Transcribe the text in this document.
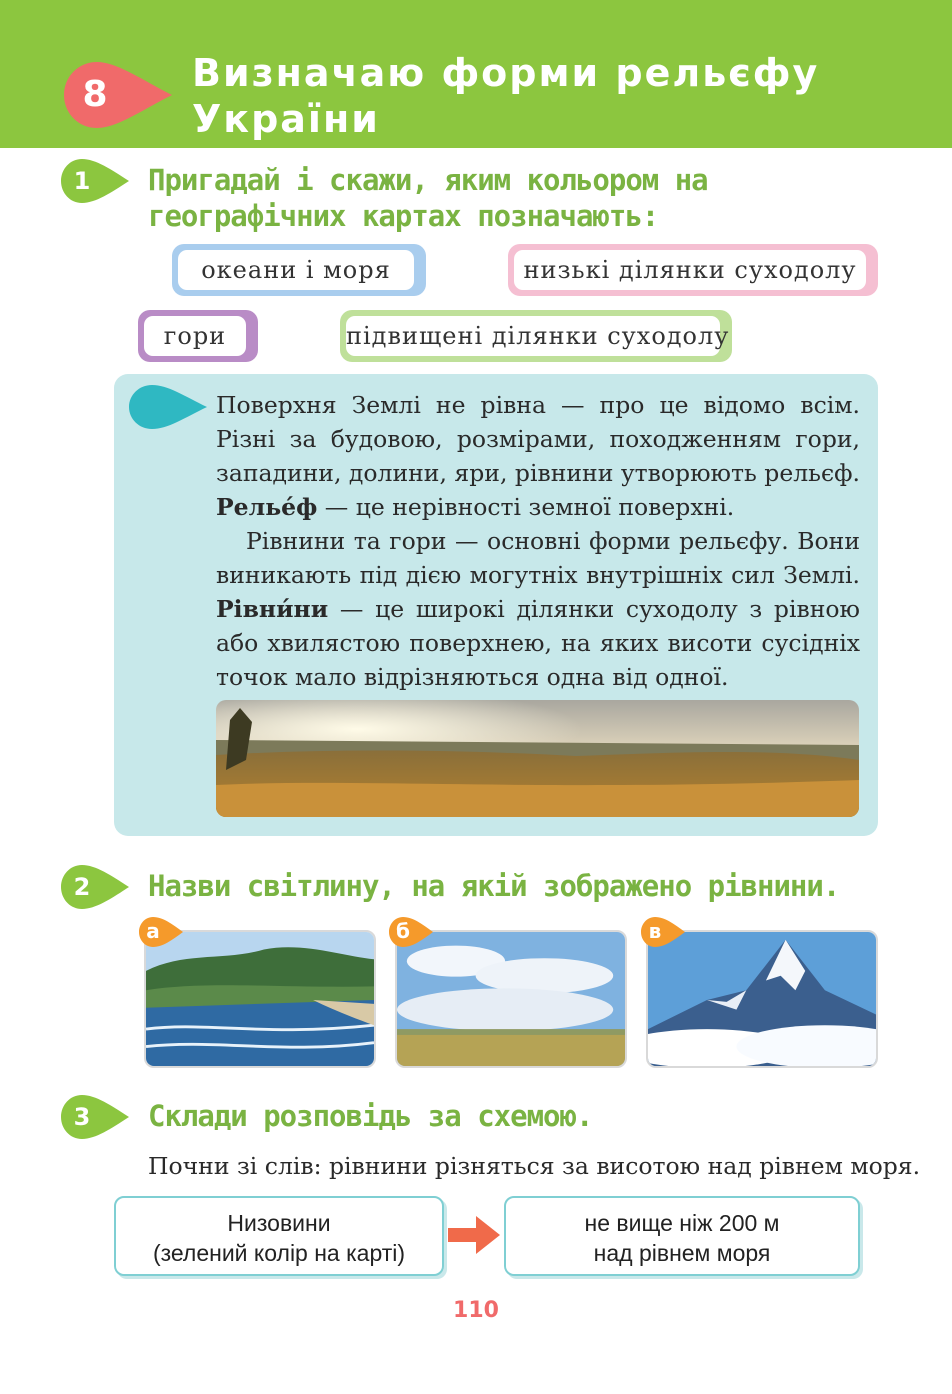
8	Визначаю форми рельєфу
України
1	Пригадай і скажи, яким кольором на
географічних картах позначають:
океани і моря	низькі ділянки суходолу
гори	підвищені ділянки суходолу

Поверхня Землі не рівна — про це відомо всім. Різні за будовою, розмірами, походженням гори, западини, долини, яри, рівнини утворюють рельєф. Релье́ф — це нерівності земної поверхні.

Рівнини та гори — основні форми рельєфу. Вони виникають під дією могутніх внутрішніх сил Землі. Рівни́ни — це широкі ділянки суходолу з рівною або хвилястою поверхнею, на яких висоти сусідніх точок мало відрізняються одна від одної.

2	Назви світлину, на якій зображено рівнини.
а	б	в
3	Склади розповідь за схемою.
Почни зі слів: рівнини різняться за висотою над рівнем моря.
Низовини
(зелений колір на карті)
не вище ніж 200 м
над рівнем моря
110
